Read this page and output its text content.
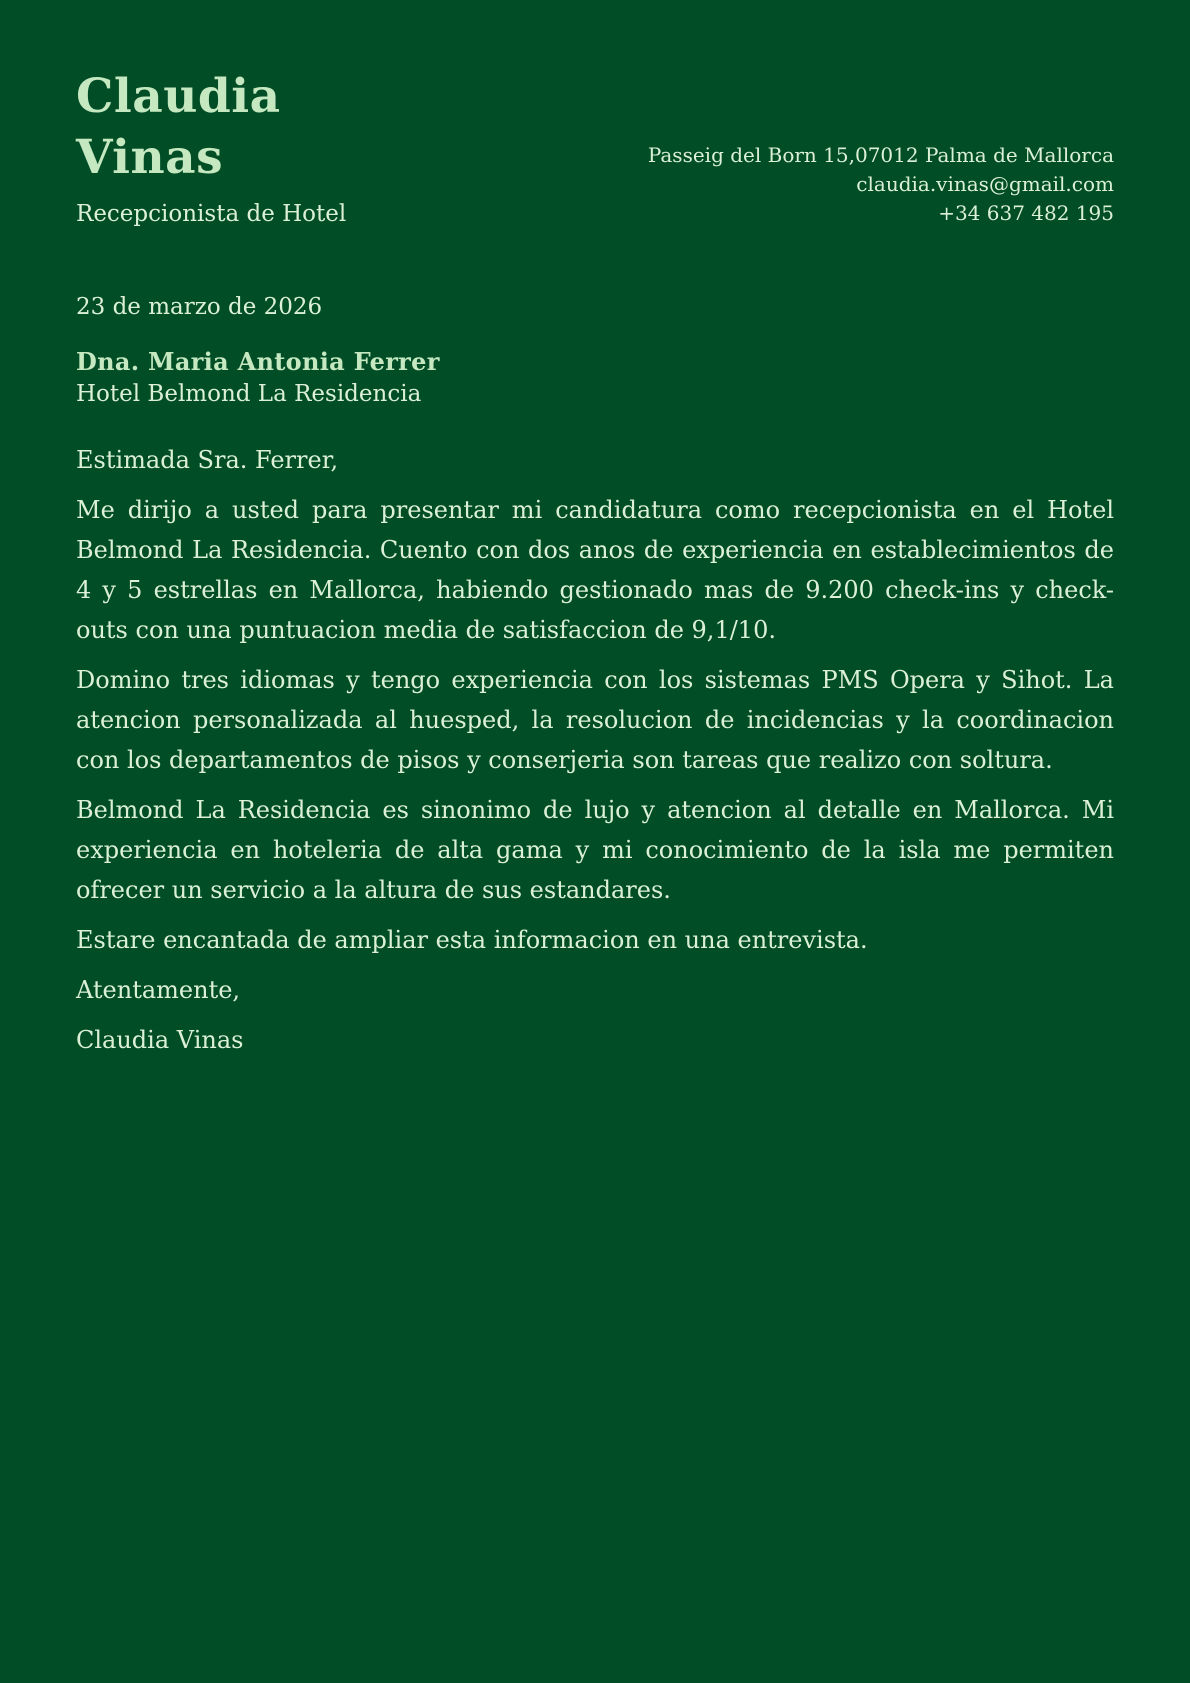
Claudia
Vinas
Recepcionista de Hotel
Passeig del Born 15,07012 Palma de Mallorca
claudia.vinas@gmail.com
+34 637 482 195
23 de marzo de 2026
Dna. Maria Antonia Ferrer
Hotel Belmond La Residencia
Estimada Sra. Ferrer,
Me dirijo a usted para presentar mi candidatura como recepcionista en el Hotel Belmond La Residencia. Cuento con dos anos de experiencia en establecimientos de 4 y 5 estrellas en Mallorca, habiendo gestionado mas de 9.200 check-ins y check-outs con una puntuacion media de satisfaccion de 9,1/10.
Domino tres idiomas y tengo experiencia con los sistemas PMS Opera y Sihot. La atencion personalizada al huesped, la resolucion de incidencias y la coordinacion con los departamentos de pisos y conserjeria son tareas que realizo con soltura.
Belmond La Residencia es sinonimo de lujo y atencion al detalle en Mallorca. Mi experiencia en hoteleria de alta gama y mi conocimiento de la isla me permiten ofrecer un servicio a la altura de sus estandares.
Estare encantada de ampliar esta informacion en una entrevista.
Atentamente,
Claudia Vinas
